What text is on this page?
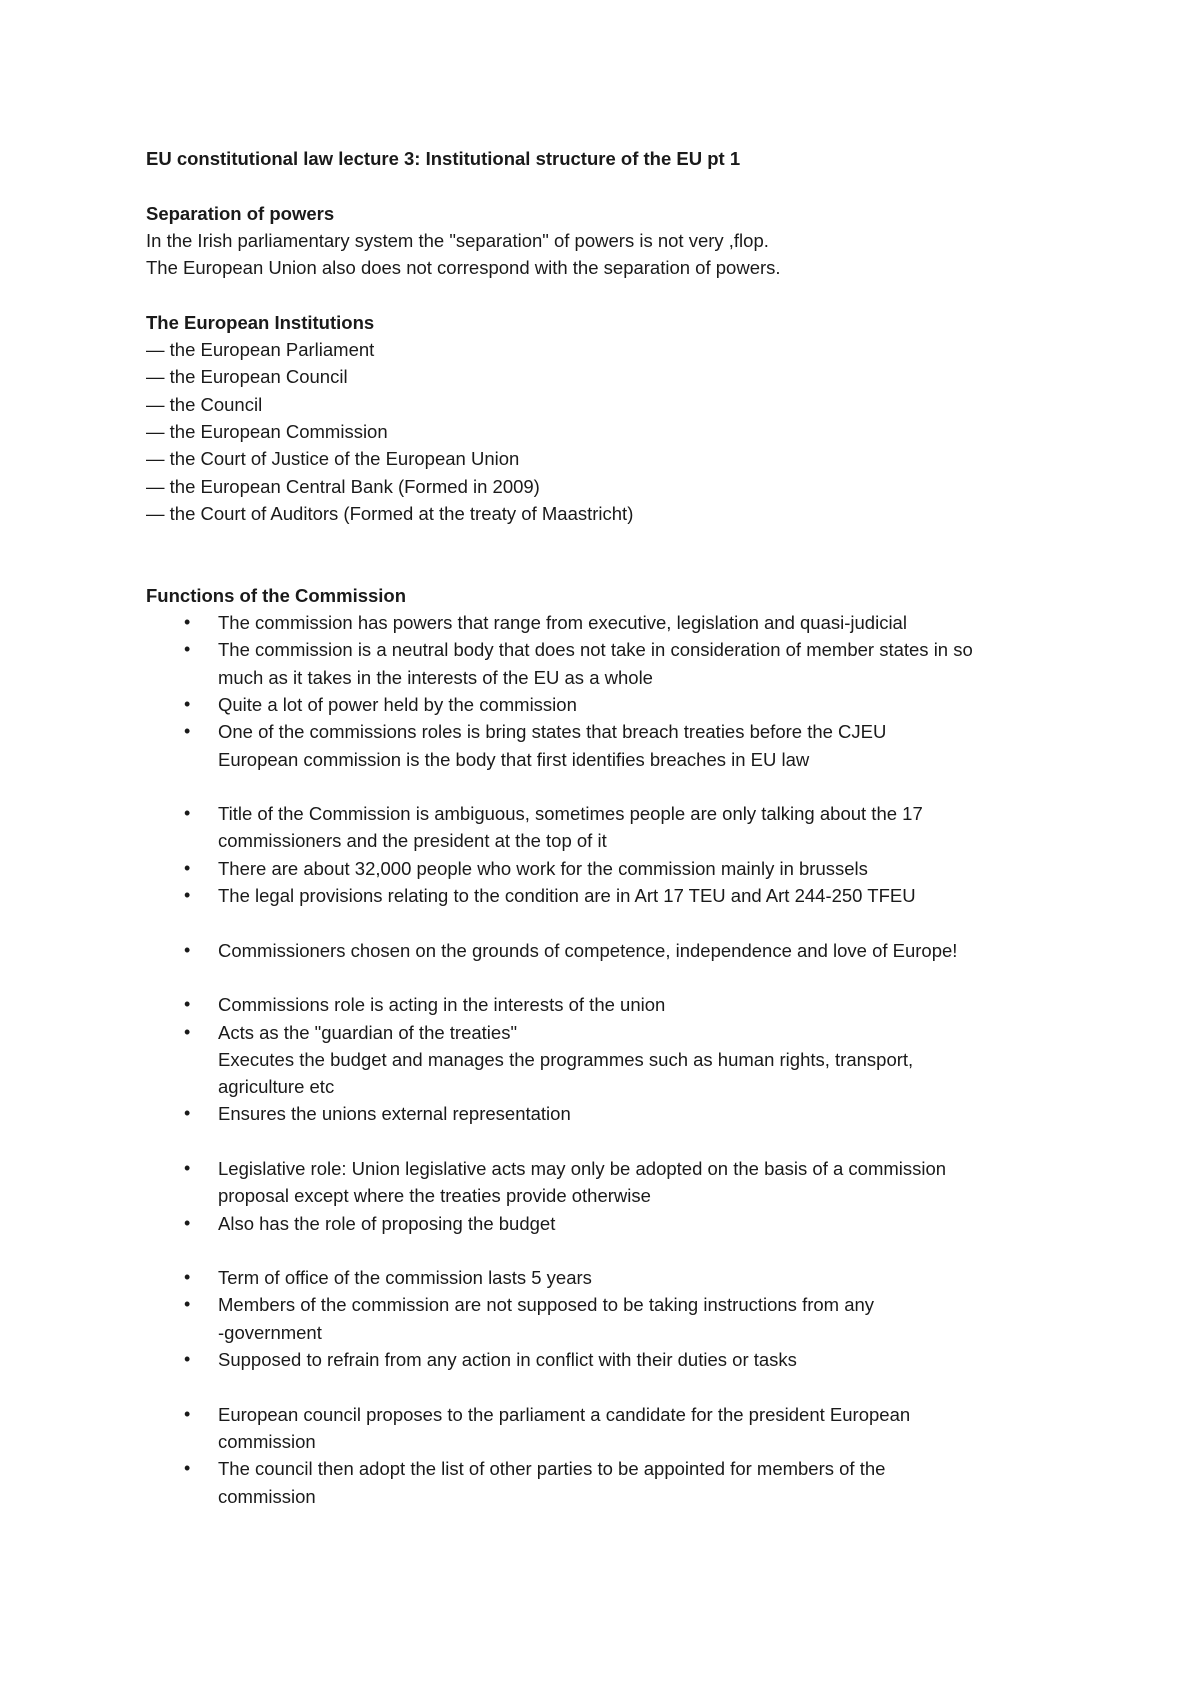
EU constitutional law lecture 3: Institutional structure of the EU pt 1

Separation of powers

In the Irish parliamentary system the "separation" of powers is not very ,flop.

The European Union also does not correspond with the separation of powers.

The European Institutions

— the European Parliament

— the European Council

— the Council

— the European Commission

— the Court of Justice of the European Union

— the European Central Bank (Formed in 2009)

— the Court of Auditors (Formed at the treaty of Maastricht)

Functions of the Commission

• The commission has powers that range from executive, legislation and quasi-judicial
• The commission is a neutral body that does not take in consideration of member states in so
much as it takes in the interests of the EU as a whole
• Quite a lot of power held by the commission
• One of the commissions roles is bring states that breach treaties before the CJEU
European commission is the body that first identifies breaches in EU law
• Title of the Commission is ambiguous, sometimes people are only talking about the 17
commissioners and the president at the top of it
• There are about 32,000 people who work for the commission mainly in brussels
• The legal provisions relating to the condition are in Art 17 TEU and Art 244-250 TFEU
• Commissioners chosen on the grounds of competence, independence and love of Europe!
• Commissions role is acting in the interests of the union
• Acts as the "guardian of the treaties"
Executes the budget and manages the programmes such as human rights, transport,
agriculture etc
• Ensures the unions external representation
• Legislative role: Union legislative acts may only be adopted on the basis of a commission
proposal except where the treaties provide otherwise
• Also has the role of proposing the budget
• Term of office of the commission lasts 5 years
• Members of the commission are not supposed to be taking instructions from any
-government
• Supposed to refrain from any action in conflict with their duties or tasks
• European council proposes to the parliament a candidate for the president European
commission
• The council then adopt the list of other parties to be appointed for members of the
commission
